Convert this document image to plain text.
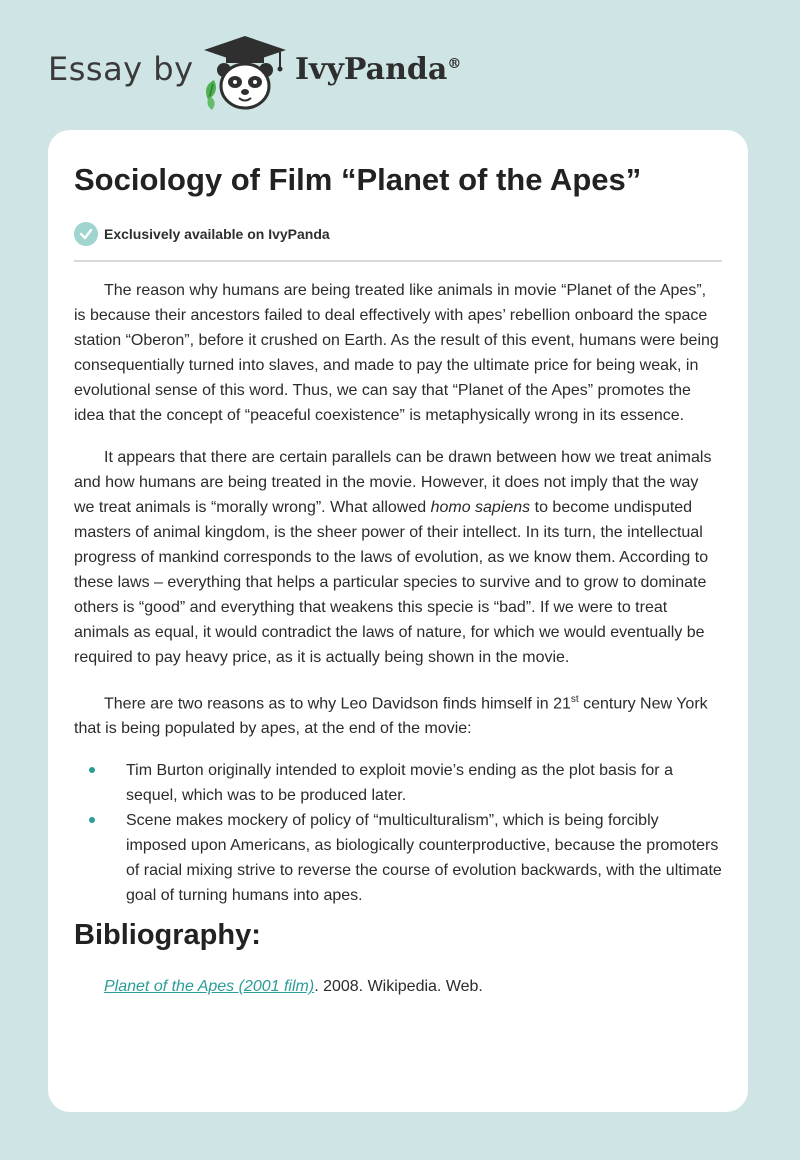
Essay by	IvyPanda®
Sociology of Film “Planet of the Apes”
Exclusively available on IvyPanda

The reason why humans are being treated like animals in movie “Planet of the Apes”, is because their ancestors failed to deal effectively with apes’ rebellion onboard the space station “Oberon”, before it crushed on Earth. As the result of this event, humans were being consequentially turned into slaves, and made to pay the ultimate price for being weak, in evolutional sense of this word. Thus, we can say that “Planet of the Apes” promotes the idea that the concept of “peaceful coexistence” is metaphysically wrong in its essence.

It appears that there are certain parallels can be drawn between how we treat animals and how humans are being treated in the movie. However, it does not imply that the way we treat animals is “morally wrong”. What allowed homo sapiens to become undisputed masters of animal kingdom, is the sheer power of their intellect. In its turn, the intellectual progress of mankind corresponds to the laws of evolution, as we know them. According to these laws – everything that helps a particular species to survive and to grow to dominate others is “good” and everything that weakens this specie is “bad”. If we were to treat animals as equal, it would contradict the laws of nature, for which we would eventually be required to pay heavy price, as it is actually being shown in the movie.

There are two reasons as to why Leo Davidson finds himself in 21st century New York that is being populated by apes, at the end of the movie:

Tim Burton originally intended to exploit movie’s ending as the plot basis for a sequel, which was to be produced later.
Scene makes mockery of policy of “multiculturalism”, which is being forcibly imposed upon Americans, as biologically counterproductive, because the promoters of racial mixing strive to reverse the course of evolution backwards, with the ultimate goal of turning humans into apes.
Bibliography:
Planet of the Apes (2001 film). 2008. Wikipedia. Web.
